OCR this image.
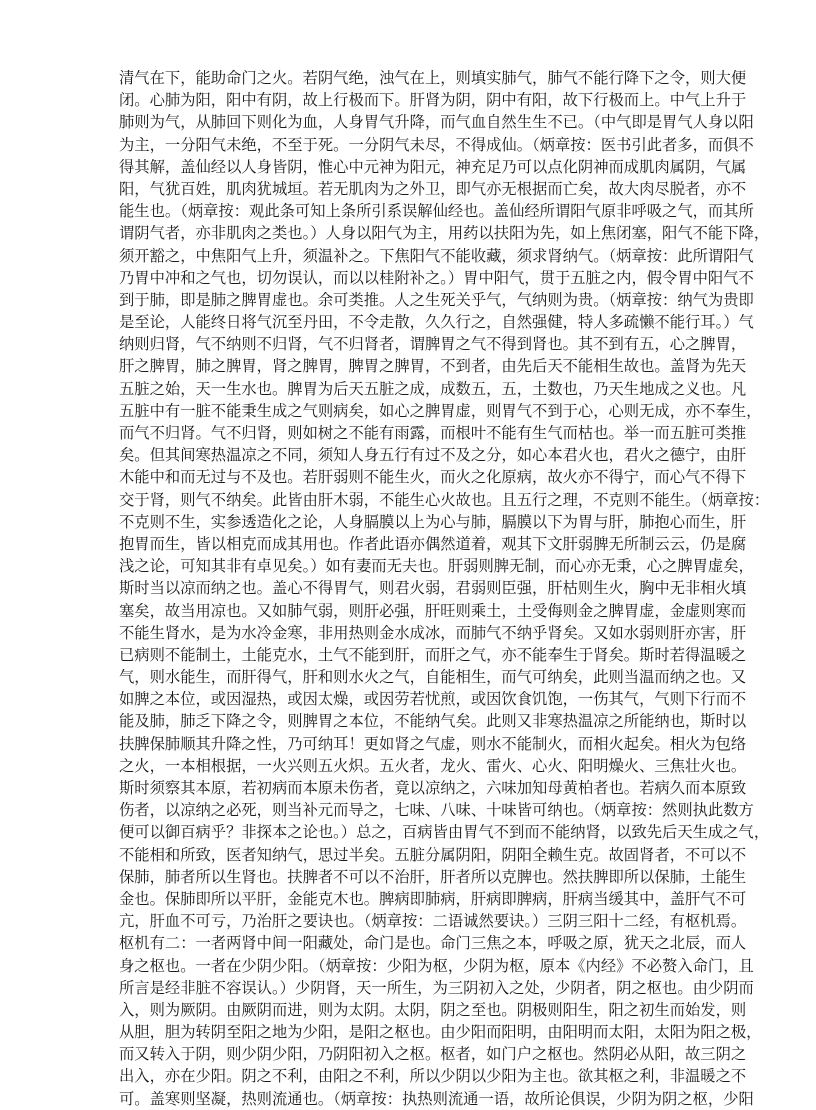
清气在下，能助命门之火。若阴气绝，浊气在上，则填实肺气，肺气不能行降下之令，则大便
闭。心肺为阳，阳中有阴，故上行极而下。肝肾为阴，阴中有阳，故下行极而上。中气上升于
肺则为气，从肺回下则化为血，人身胃气升降，而气血自然生生不已。（中气即是胃气人身以阳
为主，一分阳气未绝，不至于死。一分阴气未尽，不得成仙。（炳章按：医书引此者多，而俱不
得其解，盖仙经以人身皆阴，惟心中元神为阳元，神充足乃可以点化阴神而成肌肉属阴，气属
阳，气犹百姓，肌肉犹城垣。若无肌肉为之外卫，即气亦无根据而亡矣，故大肉尽脱者，亦不
能生也。（炳章按：观此条可知上条所引系误解仙经也。盖仙经所谓阳气原非呼吸之气，而其所
谓阴气者，亦非肌肉之类也。）人身以阳气为主，用药以扶阳为先，如上焦闭塞，阳气不能下降，
须开豁之，中焦阳气上升，须温补之。下焦阳气不能收藏，须求肾纳气。（炳章按：此所谓阳气
乃胃中冲和之气也，切勿误认，而以以桂附补之。）胃中阳气，贯于五脏之内，假令胃中阳气不
到于肺，即是肺之脾胃虚也。余可类推。人之生死关乎气，气纳则为贵。（炳章按：纳气为贵即
是至论，人能终日将气沉至丹田，不令走散，久久行之，自然强健，特人多疏懒不能行耳。）气
纳则归肾，气不纳则不归肾，气不归肾者，谓脾胃之气不得到肾也。其不到有五，心之脾胃，
肝之脾胃，肺之脾胃，肾之脾胃，脾胃之脾胃，不到者，由先后天不能相生故也。盖肾为先天
五脏之始，天一生水也。脾胃为后天五脏之成，成数五，五，土数也，乃天生地成之义也。凡
五脏中有一脏不能秉生成之气则病矣，如心之脾胃虚，则胃气不到于心，心则无成，亦不奉生，
而气不归肾。气不归肾，则如树之不能有雨露，而根叶不能有生气而枯也。举一而五脏可类推
矣。但其间寒热温凉之不同，须知人身五行有过不及之分，如心本君火也，君火之德宁，由肝
木能中和而无过与不及也。若肝弱则不能生火，而火之化原病，故火亦不得宁，而心气不得下
交于肾，则气不纳矣。此皆由肝木弱，不能生心火故也。且五行之理，不克则不能生。（炳章按：
不克则不生，实参透造化之论，人身膈膜以上为心与肺，膈膜以下为胃与肝，肺抱心而生，肝
抱胃而生，皆以相克而成其用也。作者此语亦偶然道着，观其下文肝弱脾无所制云云，仍是腐
浅之论，可知其非有卓见矣。）如有妻而无夫也。肝弱则脾无制，而心亦无秉，心之脾胃虚矣，
斯时当以凉而纳之也。盖心不得胃气，则君火弱，君弱则臣强，肝枯则生火，胸中无非相火填
塞矣，故当用凉也。又如肺气弱，则肝必强，肝旺则乘土，土受侮则金之脾胃虚，金虚则寒而
不能生肾水，是为水冷金寒，非用热则金水成冰，而肺气不纳乎肾矣。又如水弱则肝亦害，肝
已病则不能制土，土能克水，土气不能到肝，而肝之气，亦不能奉生于肾矣。斯时若得温暖之
气，则水能生，而肝得气，肝和则水火之气，自能相生，而气可纳矣，此则当温而纳之也。又
如脾之本位，或因湿热，或因太燥，或因劳若忧煎，或因饮食饥饱，一伤其气，气则下行而不
能及肺，肺乏下降之令，则脾胃之本位，不能纳气矣。此则又非寒热温凉之所能纳也，斯时以
扶脾保肺顺其升降之性，乃可纳耳！更如肾之气虚，则水不能制火，而相火起矣。相火为包络
之火，一本相根据，一火兴则五火炽。五火者，龙火、雷火、心火、阳明燥火、三焦壮火也。
斯时须察其本原，若初病而本原未伤者，竟以凉纳之，六味加知母黄柏者也。若病久而本原致
伤者，以凉纳之必死，则当补元而导之，七味、八味、十味皆可纳也。（炳章按：然则执此数方
便可以御百病乎？非探本之论也。）总之，百病皆由胃气不到而不能纳肾，以致先后天生成之气，
不能相和所致，医者知纳气，思过半矣。五脏分属阴阳，阴阳全赖生克。故固肾者，不可以不
保肺，肺者所以生肾也。扶脾者不可以不治肝，肝者所以克脾也。然扶脾即所以保肺，土能生
金也。保肺即所以平肝，金能克木也。脾病即肺病，肝病即脾病，肝病当缓其中，盖肝气不可
亢，肝血不可亏，乃治肝之要诀也。（炳章按：二语诚然要诀。）三阴三阳十二经，有枢机焉。
枢机有二：一者两肾中间一阳藏处，命门是也。命门三焦之本，呼吸之原，犹天之北辰，而人
身之枢也。一者在少阴少阳。（炳章按：少阳为枢，少阴为枢，原本《内经》不必赘入命门，且
所言是经非脏不容误认。）少阴肾，天一所生，为三阴初入之处，少阴者，阴之枢也。由少阴而
入，则为厥阴。由厥阴而进，则为太阴。太阴，阴之至也。阴极则阳生，阳之初生而始发，则
从胆，胆为转阴至阳之地为少阳，是阳之枢也。由少阳而阳明，由阳明而太阳，太阳为阳之极，
而又转入于阴，则少阴少阳，乃阴阳初入之枢。枢者，如门户之枢也。然阴必从阳，故三阴之
出入，亦在少阳。阴之不利，由阳之不利，所以少阴以少阳为主也。欲其枢之利，非温暖之不
可。盖寒则坚凝，热则流通也。（炳章按：执热则流通一语，故所论俱误，少阴为阴之枢，少阳
